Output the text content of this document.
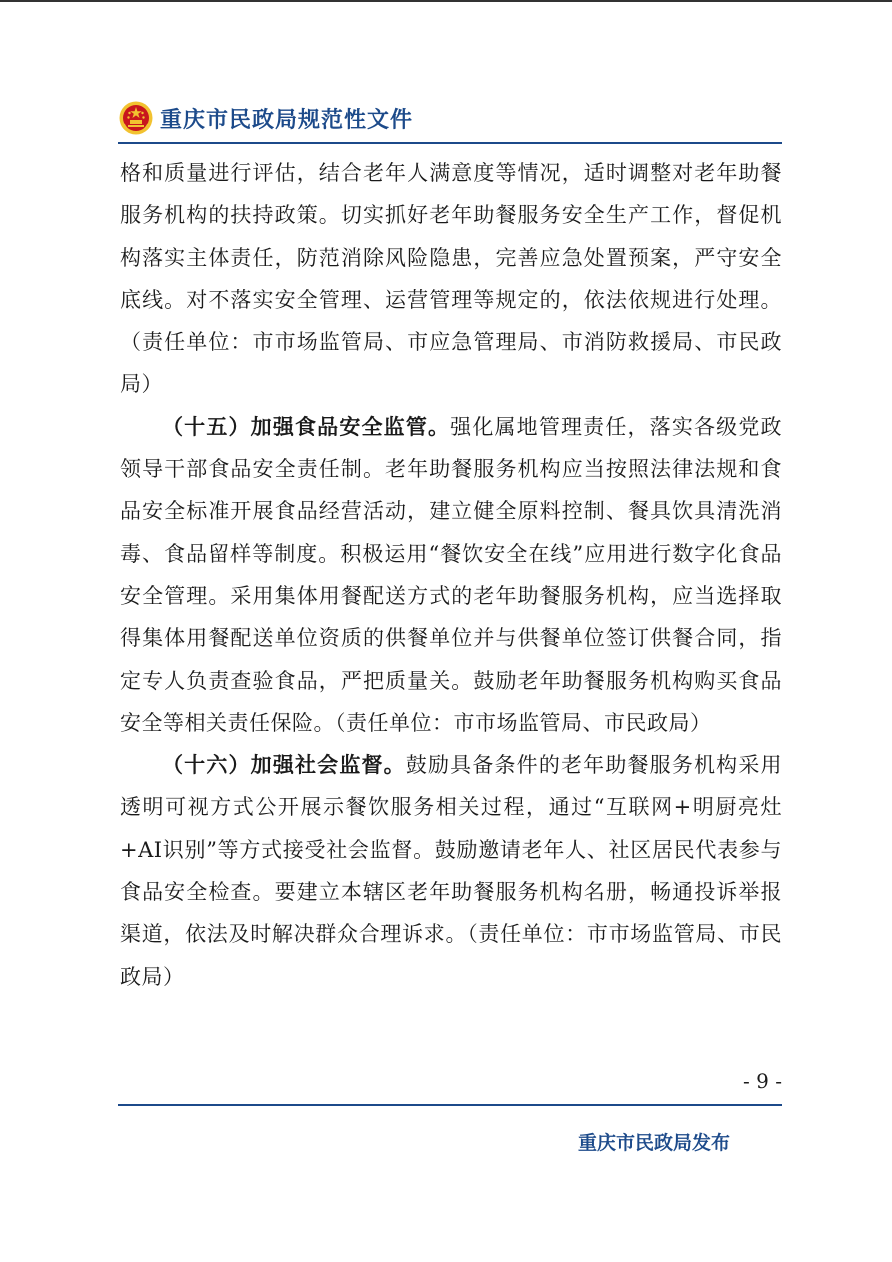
重庆市民政局规范性文件

格和质量进行评估，结合老年人满意度等情况，适时调整对老年助餐服务机构的扶持政策。切实抓好老年助餐服务安全生产工作，督促机构落实主体责任，防范消除风险隐患，完善应急处置预案，严守安全底线。对不落实安全管理、运营管理等规定的，依法依规进行处理。（责任单位：市市场监管局、市应急管理局、市消防救援局、市民政局）

（十五）加强食品安全监管。强化属地管理责任，落实各级党政领导干部食品安全责任制。老年助餐服务机构应当按照法律法规和食品安全标准开展食品经营活动，建立健全原料控制、餐具饮具清洗消毒、食品留样等制度。积极运用“餐饮安全在线”应用进行数字化食品安全管理。采用集体用餐配送方式的老年助餐服务机构，应当选择取得集体用餐配送单位资质的供餐单位并与供餐单位签订供餐合同，指定专人负责查验食品，严把质量关。鼓励老年助餐服务机构购买食品安全等相关责任保险。（责任单位：市市场监管局、市民政局）

（十六）加强社会监督。鼓励具备条件的老年助餐服务机构采用透明可视方式公开展示餐饮服务相关过程，通过“互联网+明厨亮灶+AI识别”等方式接受社会监督。鼓励邀请老年人、社区居民代表参与食品安全检查。要建立本辖区老年助餐服务机构名册，畅通投诉举报渠道，依法及时解决群众合理诉求。（责任单位：市市场监管局、市民政局）

- 9 -
重庆市民政局发布
